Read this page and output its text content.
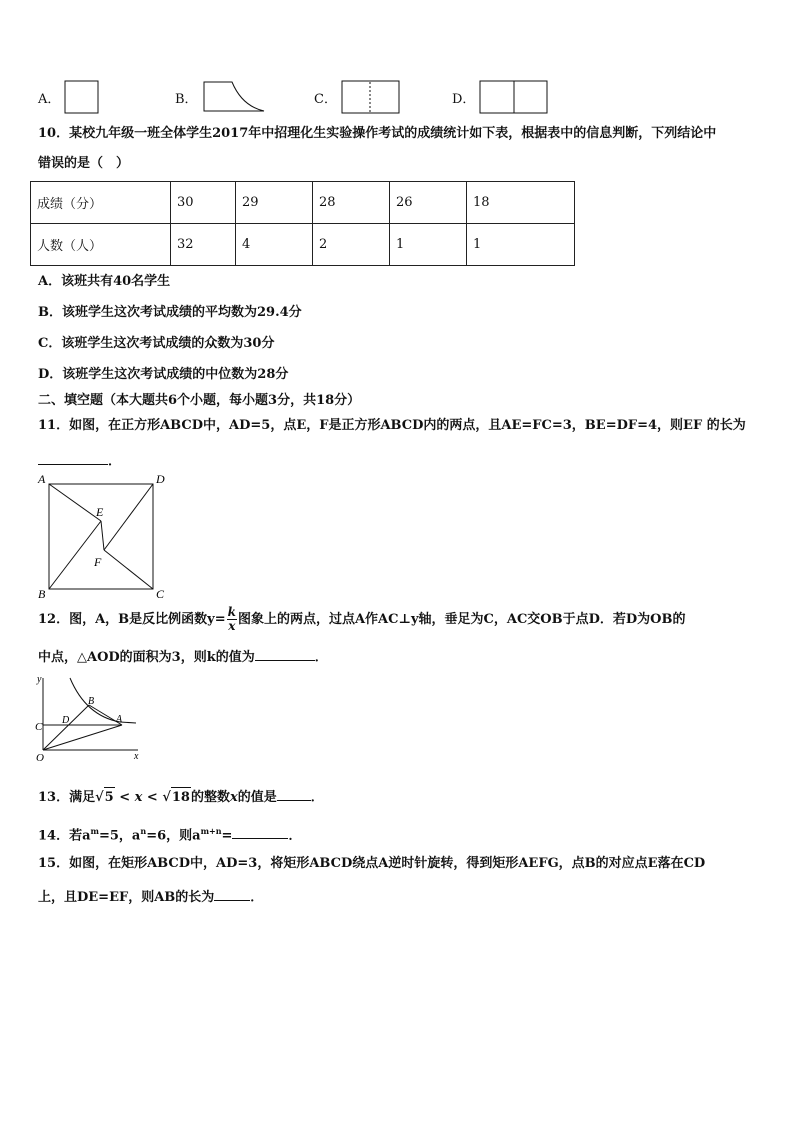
A．	B．	C．	D．
10．某校九年级一班全体学生2017年中招理化生实验操作考试的成绩统计如下表，根据表中的信息判断，下列结论中
错误的是（　）
成绩（分）	30	29	28	26	18
人数（人）	32	4	2	1	1
A．该班共有40名学生
B．该班学生这次考试成绩的平均数为29.4分
C．该班学生这次考试成绩的众数为30分
D．该班学生这次考试成绩的中位数为28分
二、填空题（本大题共6个小题，每小题3分，共18分）
11．如图，在正方形ABCD中，AD=5，点E，F是正方形ABCD内的两点，且AE=FC=3，BE=DF=4，则EF 的长为
．
A	D
B	C
E
F
12．图，A，B是反比例函数$y= \frac{k}{x}$ 图象上的两点，过点A作AC⊥y轴，垂足为C，AC交OB于点D．若D为OB的
中点，△AOD的面积为3，则k的值为	．
y
x
O
C
D
B
A
13．满足√5 < x < √18的整数x的值是	．
14．若$a^m=5$，$a^n=6$，则$a^{m+n}=$	．
15．如图，在矩形ABCD中，AD=3，将矩形ABCD绕点A逆时针旋转，得到矩形AEFG，点B的对应点E落在CD
上，且DE=EF，则AB的长为	．
